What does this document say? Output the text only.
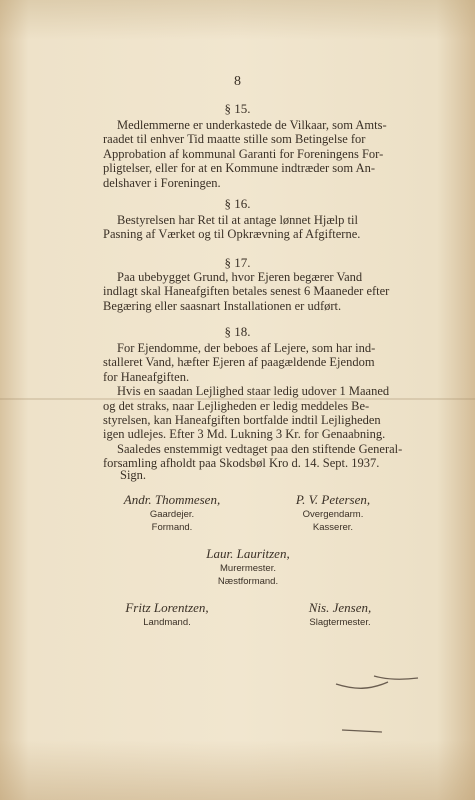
8
§ 15.
Medlemmerne er underkastede de Vilkaar, som Amts-
raadet til enhver Tid maatte stille som Betingelse for
Approbation af kommunal Garanti for Foreningens For-
pligtelser, eller for at en Kommune indtræder som An-
delshaver i Foreningen.
§ 16.
Bestyrelsen har Ret til at antage lønnet Hjælp til
Pasning af Værket og til Opkrævning af Afgifterne.
§ 17.
Paa ubebygget Grund, hvor Ejeren begærer Vand
indlagt skal Haneafgiften betales senest 6 Maaneder efter
Begæring eller saasnart Installationen er udført.
§ 18.
For Ejendomme, der beboes af Lejere, som har ind-
stalleret Vand, hæfter Ejeren af paagældende Ejendom
for Haneafgiften.
Hvis en saadan Lejlighed staar ledig udover 1 Maaned
og det straks, naar Lejligheden er ledig meddeles Be-
styrelsen, kan Haneafgiften bortfalde indtil Lejligheden
igen udlejes. Efter 3 Md. Lukning 3 Kr. for Genaabning.
Saaledes enstemmigt vedtaget paa den stiftende General-
forsamling afholdt paa Skodsbøl Kro d. 14. Sept. 1937.
Sign.
Andr. Thommesen,
Gaardejer.
Formand.
P. V. Petersen,
Overgendarm.
Kasserer.
Laur. Lauritzen,
Murermester.
Næstformand.
Fritz Lorentzen,
Landmand.
Nis. Jensen,
Slagtermester.
